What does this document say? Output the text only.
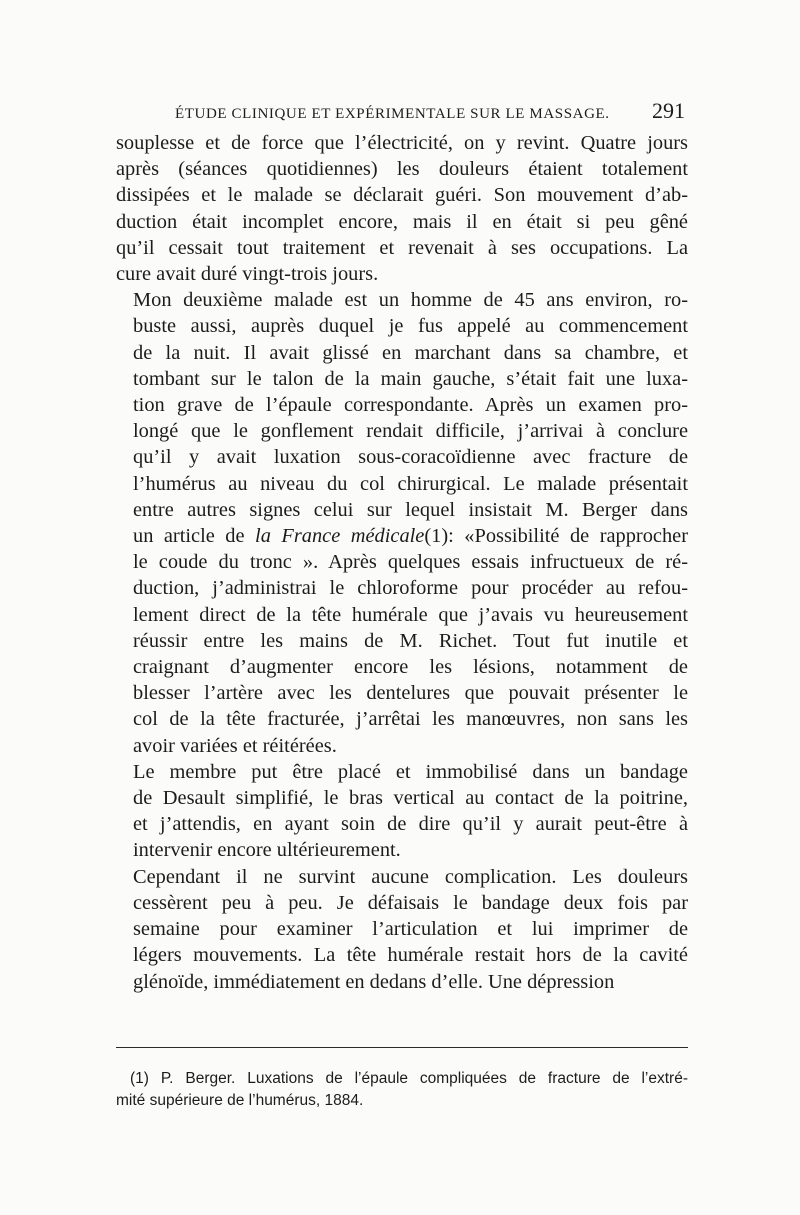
ÉTUDE CLINIQUE ET EXPÉRIMENTALE SUR LE MASSAGE. 291

souplesse et de force que l’électricité, on y revint. Quatre jours
après (séances quotidiennes) les douleurs étaient totalement
dissipées et le malade se déclarait guéri. Son mouvement d’ab-
duction était incomplet encore, mais il en était si peu gêné
qu’il cessait tout traitement et revenait à ses occupations. La
cure avait duré vingt-trois jours.

Mon deuxième malade est un homme de 45 ans environ, ro-
buste aussi, auprès duquel je fus appelé au commencement
de la nuit. Il avait glissé en marchant dans sa chambre, et
tombant sur le talon de la main gauche, s’était fait une luxa-
tion grave de l’épaule correspondante. Après un examen pro-
longé que le gonflement rendait difficile, j’arrivai à conclure
qu’il y avait luxation sous-coracoïdienne avec fracture de
l’humérus au niveau du col chirurgical. Le malade présentait
entre autres signes celui sur lequel insistait M. Berger dans
un article de la France médicale(1): «Possibilité de rapprocher
le coude du tronc ». Après quelques essais infructueux de ré-
duction, j’administrai le chloroforme pour procéder au refou-
lement direct de la tête humérale que j’avais vu heureusement
réussir entre les mains de M. Richet. Tout fut inutile et
craignant d’augmenter encore les lésions, notamment de
blesser l’artère avec les dentelures que pouvait présenter le
col de la tête fracturée, j’arrêtai les manœuvres, non sans les
avoir variées et réitérées.

Le membre put être placé et immobilisé dans un bandage
de Desault simplifié, le bras vertical au contact de la poitrine,
et j’attendis, en ayant soin de dire qu’il y aurait peut-être à
intervenir encore ultérieurement.

Cependant il ne survint aucune complication. Les douleurs
cessèrent peu à peu. Je défaisais le bandage deux fois par
semaine pour examiner l’articulation et lui imprimer de
légers mouvements. La tête humérale restait hors de la cavité
glénoïde, immédiatement en dedans d’elle. Une dépression

(1) P. Berger. Luxations de l’épaule compliquées de fracture de l’extré-
mité supérieure de l’humérus, 1884.
